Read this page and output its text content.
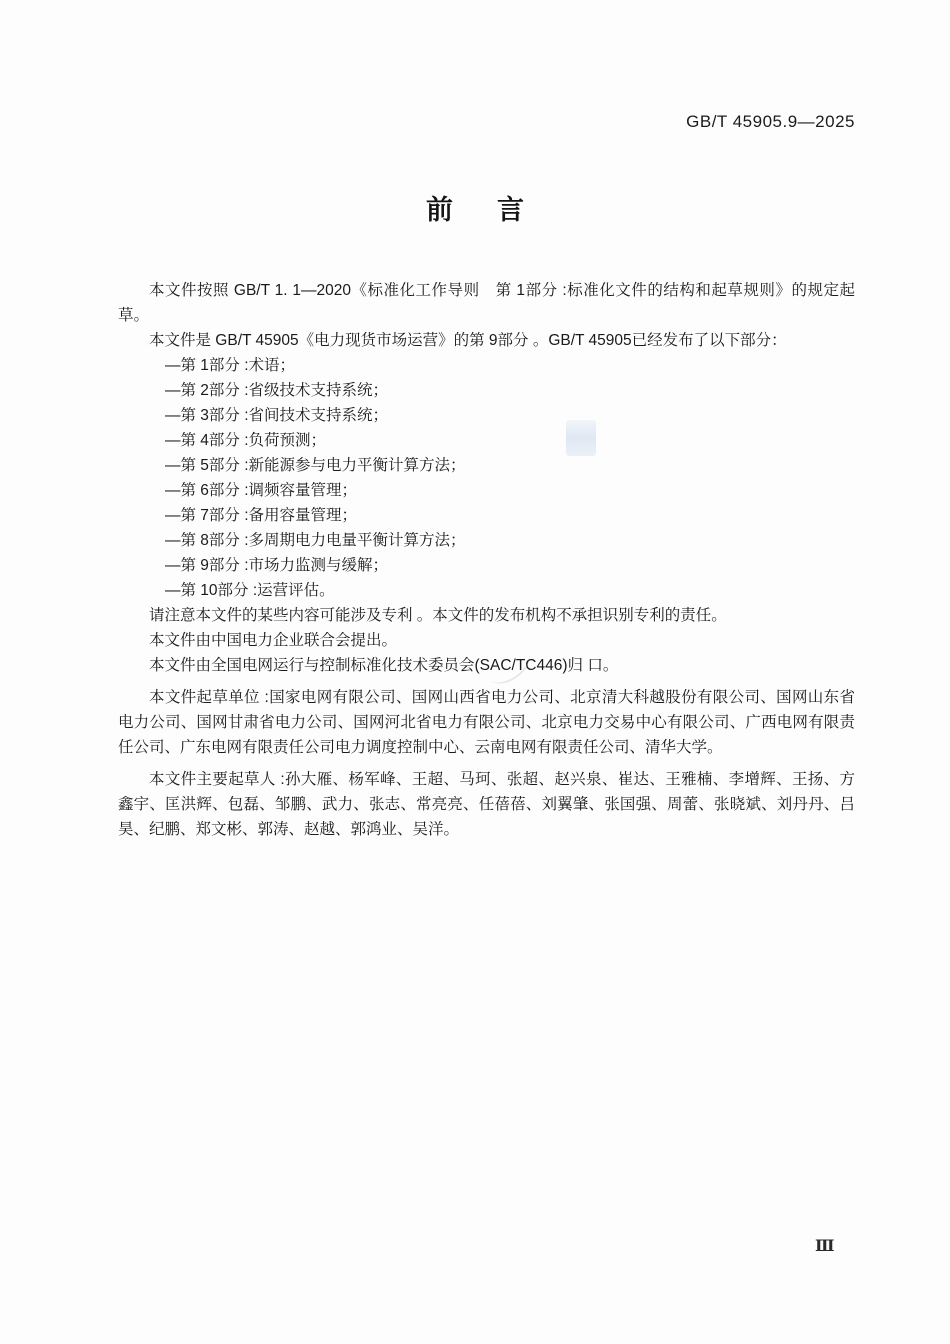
GB/T 45905.9—2025
前 言

本文件按照 GB/T 1. 1—2020《标准化工作导则　第 1部分 :标准化文件的结构和起草规则》的规定起草。

本文件是 GB/T 45905《电力现货市场运营》的第 9部分 。GB/T 45905已经发布了以下部分：

—第 1部分 :术语；

—第 2部分 :省级技术支持系统；

—第 3部分 :省间技术支持系统；

—第 4部分 :负荷预测；

—第 5部分 :新能源参与电力平衡计算方法；

—第 6部分 :调频容量管理；

—第 7部分 :备用容量管理；

—第 8部分 :多周期电力电量平衡计算方法；

—第 9部分 :市场力监测与缓解；

—第 10部分 :运营评估。

请注意本文件的某些内容可能涉及专利 。本文件的发布机构不承担识别专利的责任。

本文件由中国电力企业联合会提出。

本文件由全国电网运行与控制标准化技术委员会(SAC/TC446)归 口。

本文件起草单位 :国家电网有限公司、国网山西省电力公司、北京清大科越股份有限公司、国网山东省电力公司、国网甘肃省电力公司、国网河北省电力有限公司、北京电力交易中心有限公司、广西电网有限责任公司、广东电网有限责任公司电力调度控制中心、云南电网有限责任公司、清华大学。

本文件主要起草人 :孙大雁、杨军峰、王超、马珂、张超、赵兴泉、崔达、王雅楠、李增辉、王扬、方鑫宇、匡洪辉、包磊、邹鹏、武力、张志、常亮亮、任蓓蓓、刘翼肇、张国强、周蕾、张晓斌、刘丹丹、吕昊、纪鹏、郑文彬、郭涛、赵越、郭鸿业、吴洋。

Ⅲ
